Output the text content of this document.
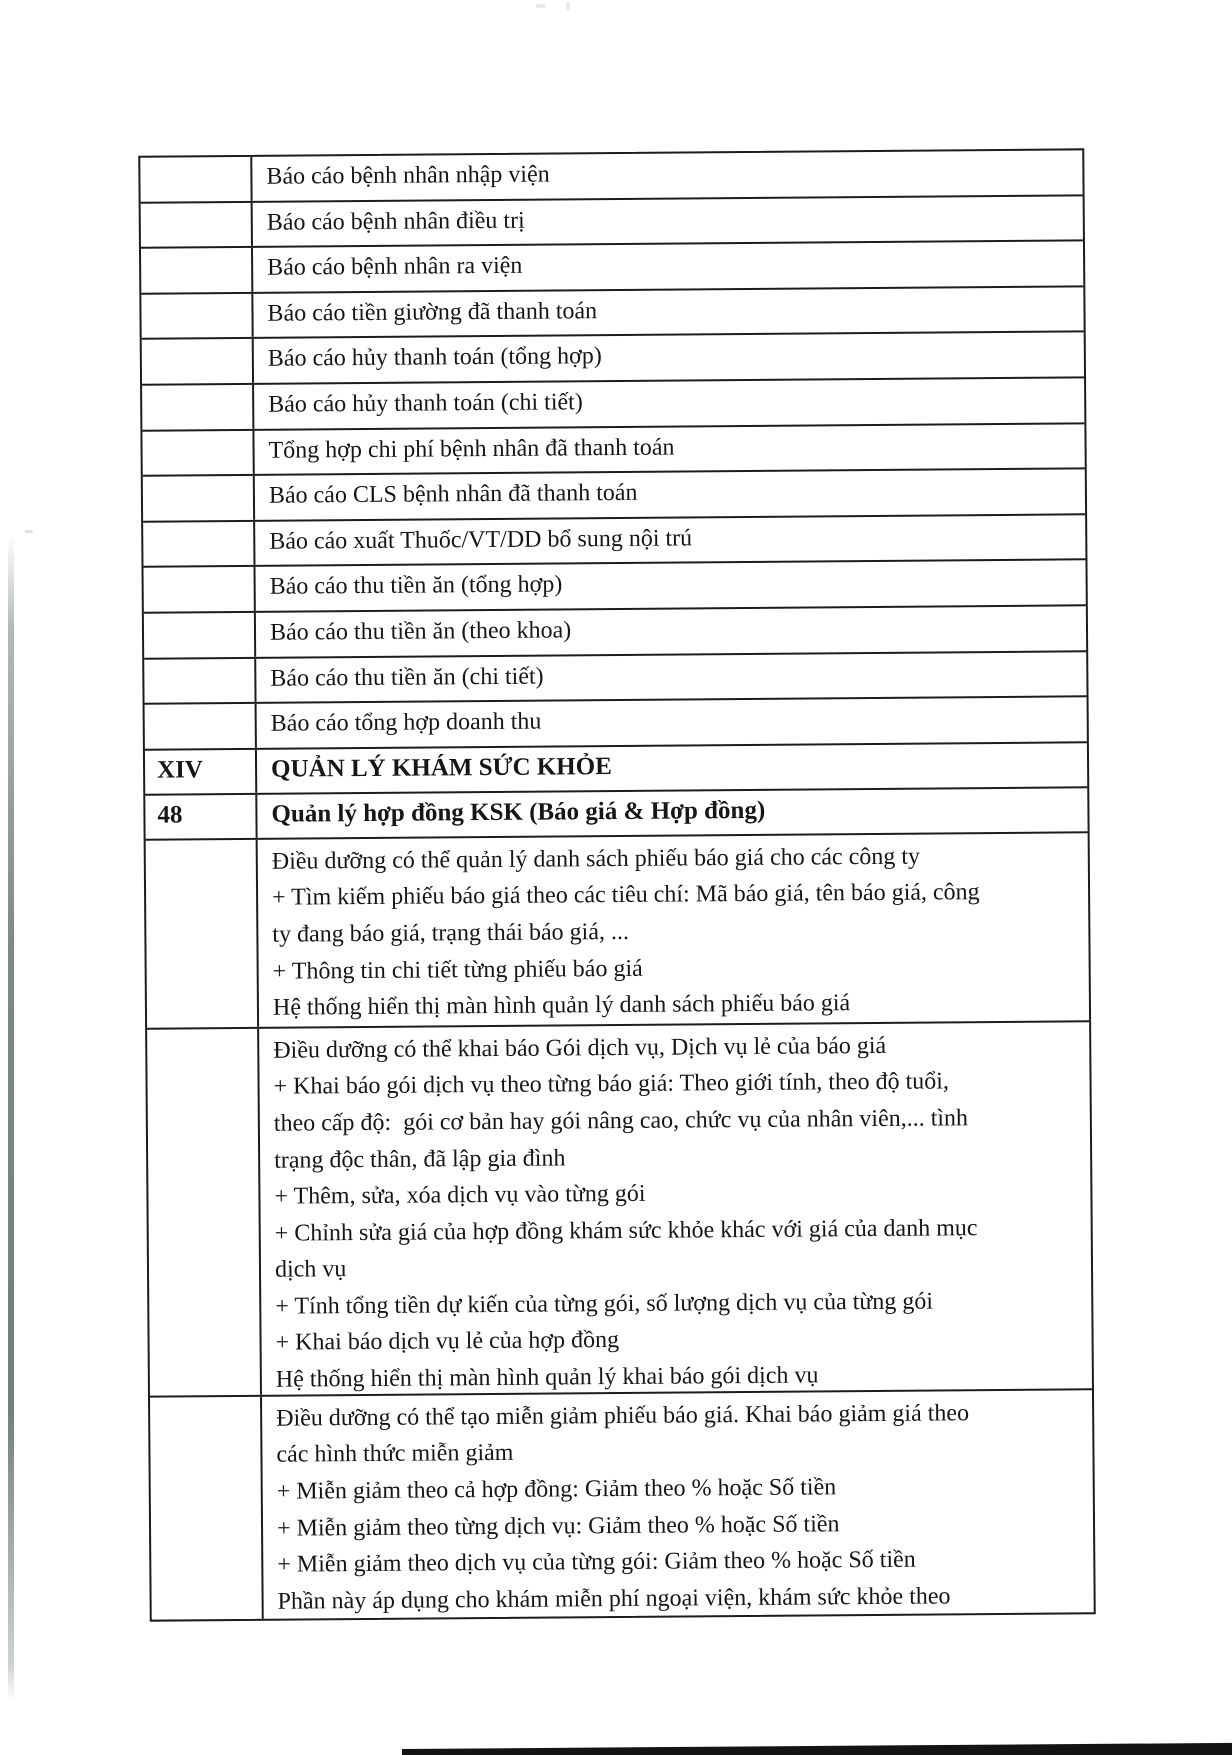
Báo cáo bệnh nhân nhập viện
Báo cáo bệnh nhân điều trị
Báo cáo bệnh nhân ra viện
Báo cáo tiền giường đã thanh toán
Báo cáo hủy thanh toán (tổng hợp)
Báo cáo hủy thanh toán (chi tiết)
Tổng hợp chi phí bệnh nhân đã thanh toán
Báo cáo CLS bệnh nhân đã thanh toán
Báo cáo xuất Thuốc/VT/DD bổ sung nội trú
Báo cáo thu tiền ăn (tổng hợp)
Báo cáo thu tiền ăn (theo khoa)
Báo cáo thu tiền ăn (chi tiết)
Báo cáo tổng hợp doanh thu
XIV	QUẢN LÝ KHÁM SỨC KHỎE
48	Quản lý hợp đồng KSK (Báo giá & Hợp đồng)
Điều dưỡng có thể quản lý danh sách phiếu báo giá cho các công ty
+ Tìm kiếm phiếu báo giá theo các tiêu chí: Mã báo giá, tên báo giá, công
ty đang báo giá, trạng thái báo giá, ...
+ Thông tin chi tiết từng phiếu báo giá
Hệ thống hiển thị màn hình quản lý danh sách phiếu báo giá
Điều dưỡng có thể khai báo Gói dịch vụ, Dịch vụ lẻ của báo giá
+ Khai báo gói dịch vụ theo từng báo giá: Theo giới tính, theo độ tuổi,
theo cấp độ:  gói cơ bản hay gói nâng cao, chức vụ của nhân viên,... tình
trạng độc thân, đã lập gia đình
+ Thêm, sửa, xóa dịch vụ vào từng gói
+ Chỉnh sửa giá của hợp đồng khám sức khỏe khác với giá của danh mục
dịch vụ
+ Tính tổng tiền dự kiến của từng gói, số lượng dịch vụ của từng gói
+ Khai báo dịch vụ lẻ của hợp đồng
Hệ thống hiển thị màn hình quản lý khai báo gói dịch vụ
Điều dưỡng có thể tạo miễn giảm phiếu báo giá. Khai báo giảm giá theo
các hình thức miễn giảm
+ Miễn giảm theo cả hợp đồng: Giảm theo % hoặc Số tiền
+ Miễn giảm theo từng dịch vụ: Giảm theo % hoặc Số tiền
+ Miễn giảm theo dịch vụ của từng gói: Giảm theo % hoặc Số tiền
Phần này áp dụng cho khám miễn phí ngoại viện, khám sức khỏe theo
